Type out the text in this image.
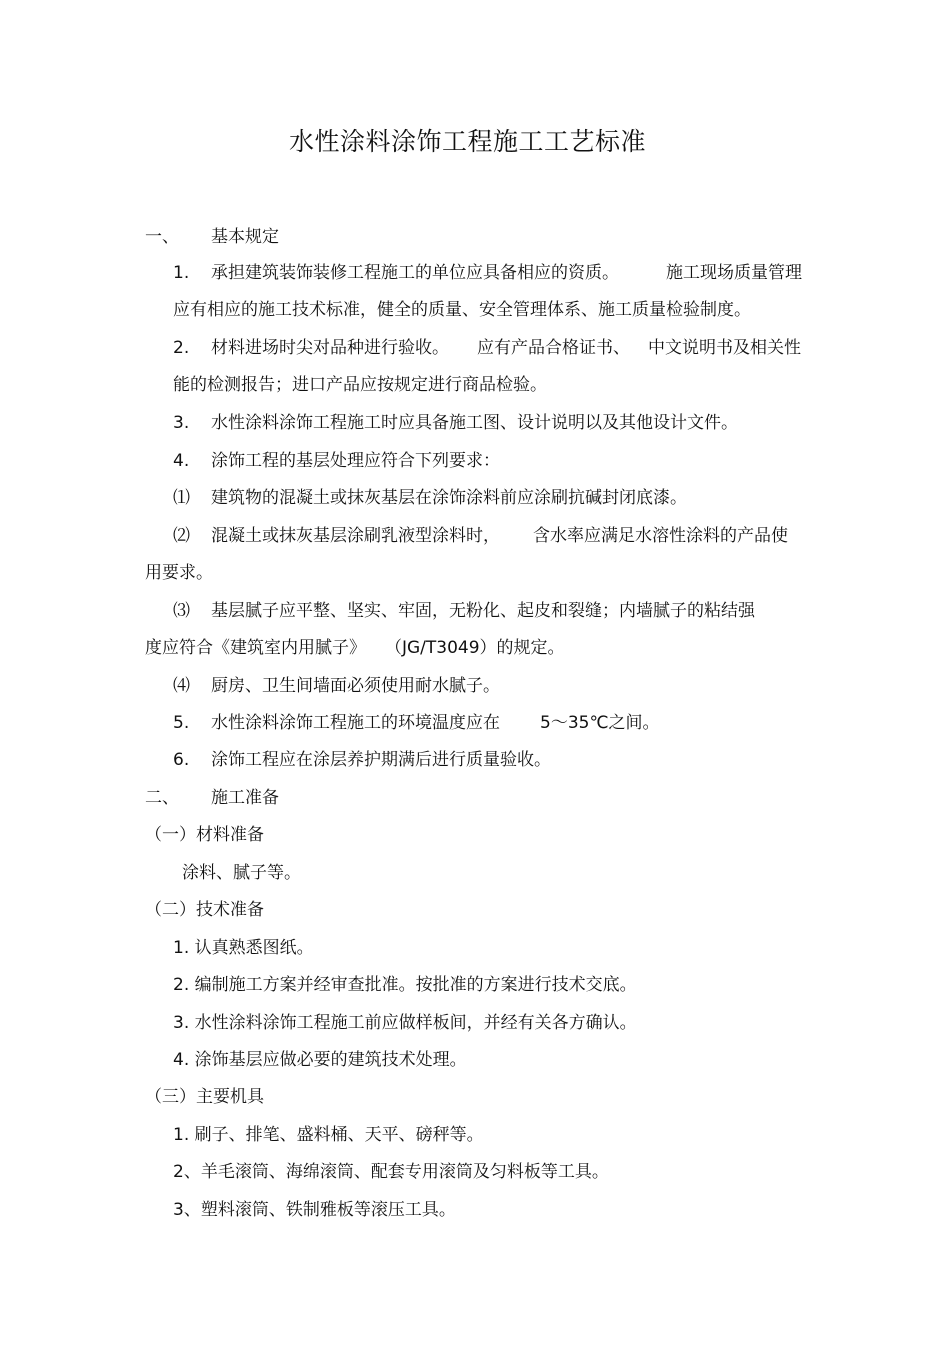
水性涂料涂饰工程施工工艺标准
一、 基本规定
1. 承担建筑装饰装修工程施工的单位应具备相应的资质。	施工现场质量管理
应有相应的施工技术标准，健全的质量、安全管理体系、施工质量检验制度。
2. 材料进场时尖对品种进行验收。 应有产品合格证书、 中文说明书及相关性
能的检测报告；进口产品应按规定进行商品检验。
3. 水性涂料涂饰工程施工时应具备施工图、设计说明以及其他设计文件。
4. 涂饰工程的基层处理应符合下列要求：
⑴ 建筑物的混凝土或抹灰基层在涂饰涂料前应涂刷抗碱封闭底漆。
⑵ 混凝土或抹灰基层涂刷乳液型涂料时， 含水率应满足水溶性涂料的产品使
用要求。
⑶ 基层腻子应平整、坚实、牢固，无粉化、起皮和裂缝；内墙腻子的粘结强
度应符合《建筑室内用腻子》 （JG/T3049）的规定。
⑷ 厨房、卫生间墙面必须使用耐水腻子。
5. 水性涂料涂饰工程施工的环境温度应在 5～35℃之间。
6. 涂饰工程应在涂层养护期满后进行质量验收。
二、 施工准备
（一）材料准备
涂料、腻子等。
（二）技术准备
1. 认真熟悉图纸。
2. 编制施工方案并经审查批准。按批准的方案进行技术交底。
3. 水性涂料涂饰工程施工前应做样板间，并经有关各方确认。
4. 涂饰基层应做必要的建筑技术处理。
（三）主要机具
1. 刷子、排笔、盛料桶、天平、磅秤等。
2、羊毛滚筒、海绵滚筒、配套专用滚筒及匀料板等工具。
3、塑料滚筒、铁制雅板等滚压工具。
